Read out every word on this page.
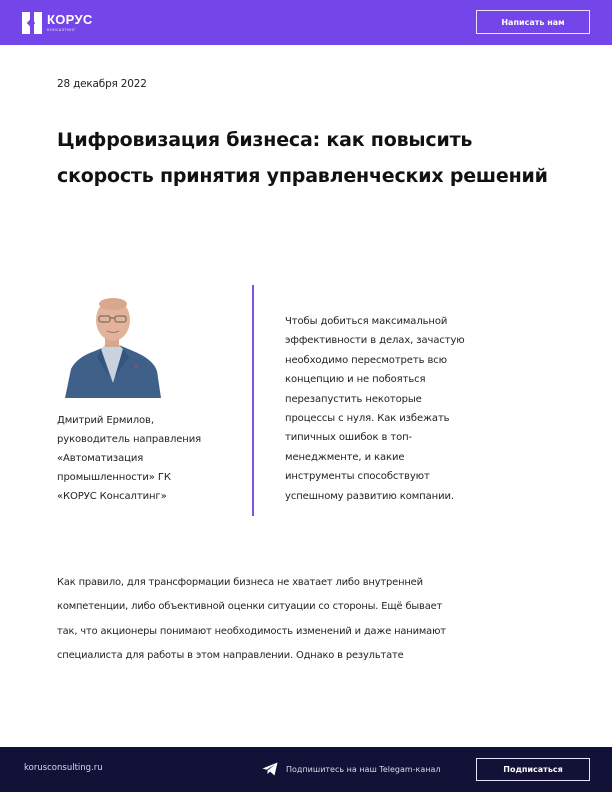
КОРУС
КОНСАЛТИНГ
Написать нам
28 декабря 2022
Цифровизация бизнеса: как повысить скорость принятия управленческих решений
Дмитрий Ермилов,
руководитель направления
«Автоматизация
промышленности» ГК
«КОРУС Консалтинг»
Чтобы добиться максимальной
эффективности в делах, зачастую
необходимо пересмотреть всю
концепцию и не побояться
перезапустить некоторые
процессы с нуля. Как избежать
типичных ошибок в топ-
менеджменте, и какие
инструменты способствуют
успешному развитию компании.
Как правило, для трансформации бизнеса не хватает либо внутренней
компетенции, либо объективной оценки ситуации со стороны. Ещё бывает
так, что акционеры понимают необходимость изменений и даже нанимают
специалиста для работы в этом направлении. Однако в результате
korusconsulting.ru	Подпишитесь на наш Telegam-канал	Подписаться
